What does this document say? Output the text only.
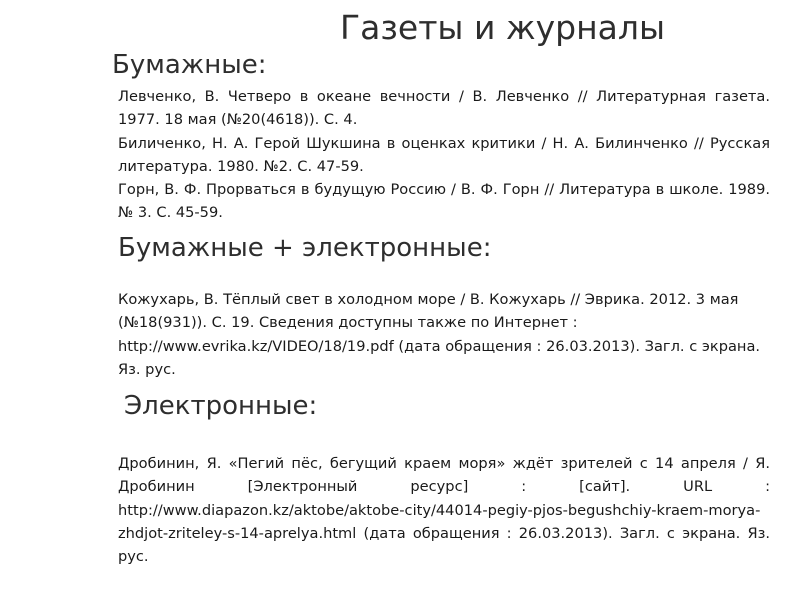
Газеты и журналы
Бумажные:

Левченко, В. Четверо в океане вечности / В. Левченко // Литературная газета. 1977. 18 мая (№20(4618)). С. 4.

Биличенко, Н. А. Герой Шукшина в оценках критики / Н. А. Билинченко // Русская литература. 1980. №2. С. 47-59.

Горн, В. Ф. Прорваться в будущую Россию / В. Ф. Горн // Литература в школе. 1989. № 3. С. 45-59.

Бумажные + электронные:

Кожухарь, В. Тёплый свет в холодном море / В. Кожухарь // Эврика. 2012. 3 мая (№18(931)). С. 19. Сведения доступны также по Интернет : http://www.evrika.kz/VIDEO/18/19.pdf (дата обращения : 26.03.2013). Загл. с экрана. Яз. рус.

Электронные:

Дробинин, Я. «Пегий пёс, бегущий краем моря» ждёт зрителей с 14 апреля / Я. Дробинин [Электронный ресурс] : [сайт]. URL : http://www.diapazon.kz/aktobe/aktobe-city/44014-pegiy-pjos-begushchiy-kraem-morya-zhdjot-zriteley-s-14-aprelya.html (дата обращения : 26.03.2013). Загл. с экрана. Яз. рус.
